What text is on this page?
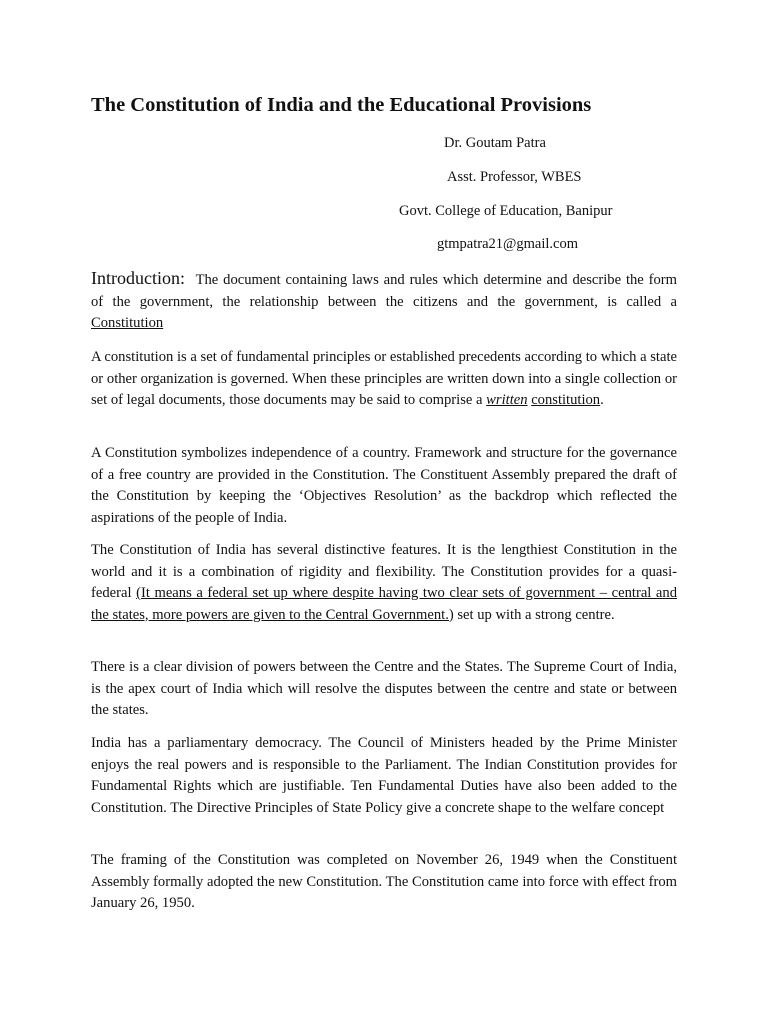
The Constitution of India and the Educational Provisions
Dr. Goutam Patra
Asst. Professor, WBES
Govt. College of Education, Banipur
gtmpatra21@gmail.com
Introduction: The document containing laws and rules which determine and describe the form of the government, the relationship between the citizens and the government, is called a Constitution
A constitution is a set of fundamental principles or established precedents according to which a state or other organization is governed. When these principles are written down into a single collection or set of legal documents, those documents may be said to comprise a written constitution.
A Constitution symbolizes independence of a country. Framework and structure for the governance of a free country are provided in the Constitution. The Constituent Assembly prepared the draft of the Constitution by keeping the ‘Objectives Resolution’ as the backdrop which reflected the aspirations of the people of India.
The Constitution of India has several distinctive features. It is the lengthiest Constitution in the world and it is a combination of rigidity and flexibility. The Constitution provides for a quasi-federal (It means a federal set up where despite having two clear sets of government – central and the states, more powers are given to the Central Government.) set up with a strong centre.
There is a clear division of powers between the Centre and the States. The Supreme Court of India, is the apex court of India which will resolve the disputes between the centre and state or between the states.
India has a parliamentary democracy. The Council of Ministers headed by the Prime Minister enjoys the real powers and is responsible to the Parliament. The Indian Constitution provides for Fundamental Rights which are justifiable. Ten Fundamental Duties have also been added to the Constitution. The Directive Principles of State Policy give a concrete shape to the welfare concept
The framing of the Constitution was completed on November 26, 1949 when the Constituent Assembly formally adopted the new Constitution. The Constitution came into force with effect from January 26, 1950.
